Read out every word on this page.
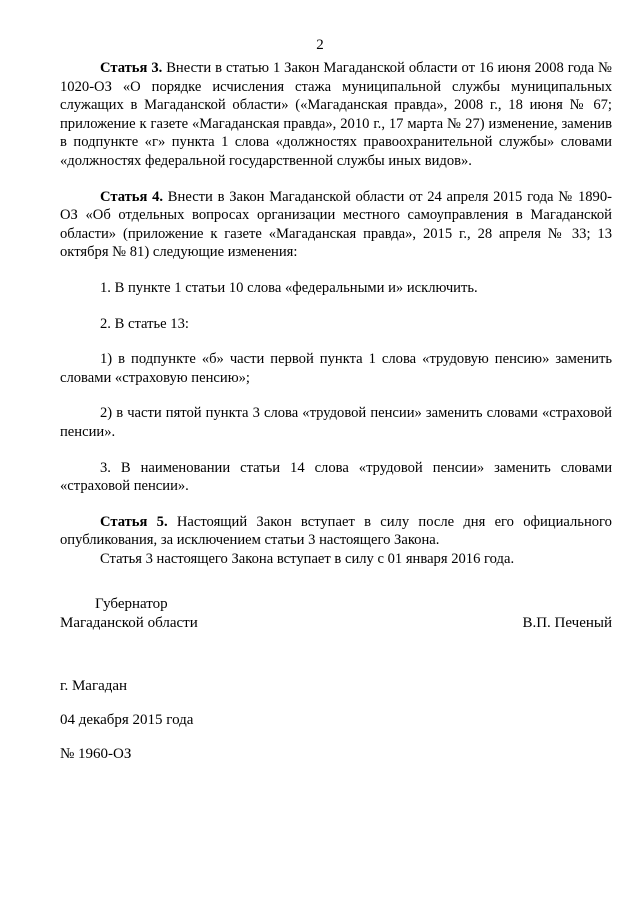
2

Статья 3. Внести в статью 1 Закон Магаданской области от 16 июня 2008 года № 1020-ОЗ «О порядке исчисления стажа муниципальной службы муниципальных служащих в Магаданской области» («Магаданская правда», 2008 г., 18 июня № 67; приложение к газете «Магаданская правда», 2010 г., 17 марта № 27) изменение, заменив в подпункте «г» пункта 1 слова «должностях правоохранительной службы» словами «должностях федеральной государственной службы иных видов».

Статья 4. Внести в Закон Магаданской области от 24 апреля 2015 года № 1890-ОЗ «Об отдельных вопросах организации местного самоуправления в Магаданской области» (приложение к газете «Магаданская правда», 2015 г., 28 апреля № 33; 13 октября № 81) следующие изменения:

1. В пункте 1 статьи 10 слова «федеральными и» исключить.

2. В статье 13:

1) в подпункте «б» части первой пункта 1 слова «трудовую пенсию» заменить словами «страховую пенсию»;

2) в части пятой пункта 3 слова «трудовой пенсии» заменить словами «страховой пенсии».

3. В наименовании статьи 14 слова «трудовой пенсии» заменить словами «страховой пенсии».

Статья 5. Настоящий Закон вступает в силу после дня его официального опубликования, за исключением статьи 3 настоящего Закона.

Статья 3 настоящего Закона вступает в силу с 01 января 2016 года.

Губернатор
Магаданской области	В.П. Печеный
г. Магадан
04 декабря 2015 года
№ 1960-ОЗ
